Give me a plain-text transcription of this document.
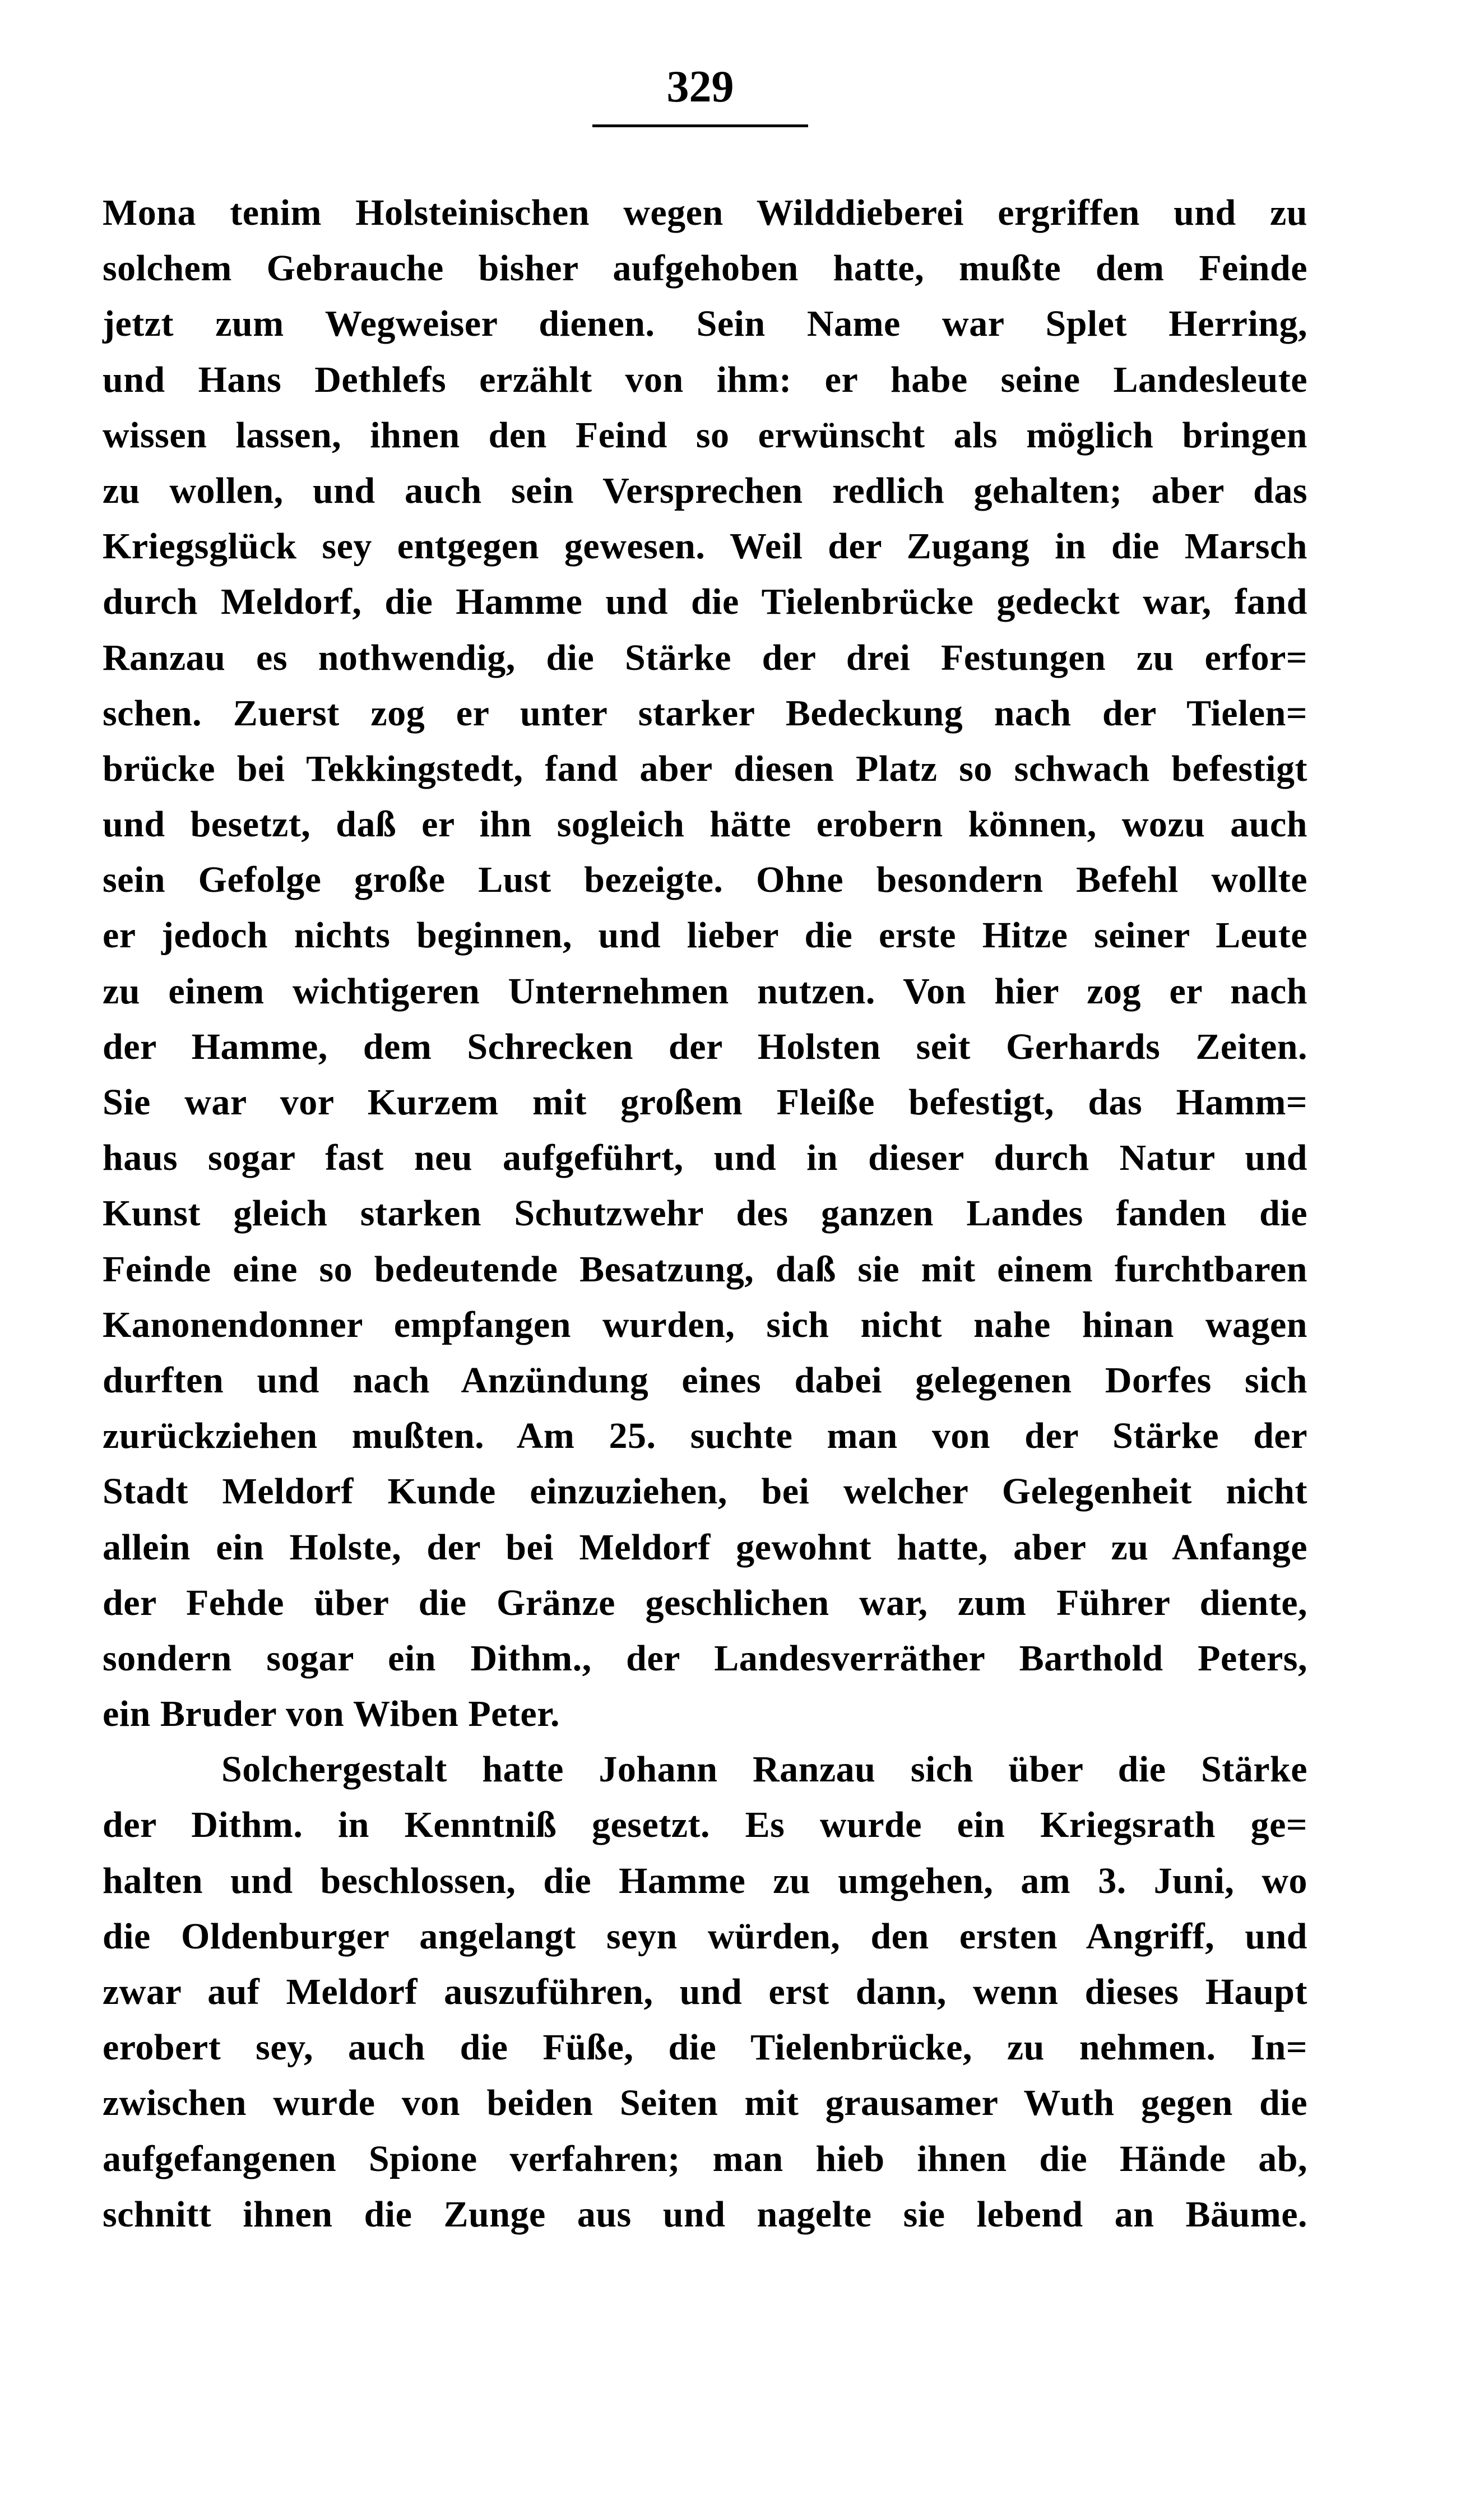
329
Mona tenim Holsteinischen wegen Wilddieberei ergriffen und zu
solchem Gebrauche bisher aufgehoben hatte, mußte dem Feinde
jetzt zum Wegweiser dienen. Sein Name war Splet Herring,
und Hans Dethlefs erzählt von ihm: er habe seine Landesleute
wissen lassen, ihnen den Feind so erwünscht als möglich bringen
zu wollen, und auch sein Versprechen redlich gehalten; aber das
Kriegsglück sey entgegen gewesen. Weil der Zugang in die Marsch
durch Meldorf, die Hamme und die Tielenbrücke gedeckt war, fand
Ranzau es nothwendig, die Stärke der drei Festungen zu erfor=
schen. Zuerst zog er unter starker Bedeckung nach der Tielen=
brücke bei Tekkingstedt, fand aber diesen Platz so schwach befestigt
und besetzt, daß er ihn sogleich hätte erobern können, wozu auch
sein Gefolge große Lust bezeigte. Ohne besondern Befehl wollte
er jedoch nichts beginnen, und lieber die erste Hitze seiner Leute
zu einem wichtigeren Unternehmen nutzen. Von hier zog er nach
der Hamme, dem Schrecken der Holsten seit Gerhards Zeiten.
Sie war vor Kurzem mit großem Fleiße befestigt, das Hamm=
haus sogar fast neu aufgeführt, und in dieser durch Natur und
Kunst gleich starken Schutzwehr des ganzen Landes fanden die
Feinde eine so bedeutende Besatzung, daß sie mit einem furchtbaren
Kanonendonner empfangen wurden, sich nicht nahe hinan wagen
durften und nach Anzündung eines dabei gelegenen Dorfes sich
zurückziehen mußten. Am 25. suchte man von der Stärke der
Stadt Meldorf Kunde einzuziehen, bei welcher Gelegenheit nicht
allein ein Holste, der bei Meldorf gewohnt hatte, aber zu Anfange
der Fehde über die Gränze geschlichen war, zum Führer diente,
sondern sogar ein Dithm., der Landesverräther Barthold Peters,
ein Bruder von Wiben Peter.
Solchergestalt hatte Johann Ranzau sich über die Stärke
der Dithm. in Kenntniß gesetzt. Es wurde ein Kriegsrath ge=
halten und beschlossen, die Hamme zu umgehen, am 3. Juni, wo
die Oldenburger angelangt seyn würden, den ersten Angriff, und
zwar auf Meldorf auszuführen, und erst dann, wenn dieses Haupt
erobert sey, auch die Füße, die Tielenbrücke, zu nehmen. In=
zwischen wurde von beiden Seiten mit grausamer Wuth gegen die
aufgefangenen Spione verfahren; man hieb ihnen die Hände ab,
schnitt ihnen die Zunge aus und nagelte sie lebend an Bäume.
